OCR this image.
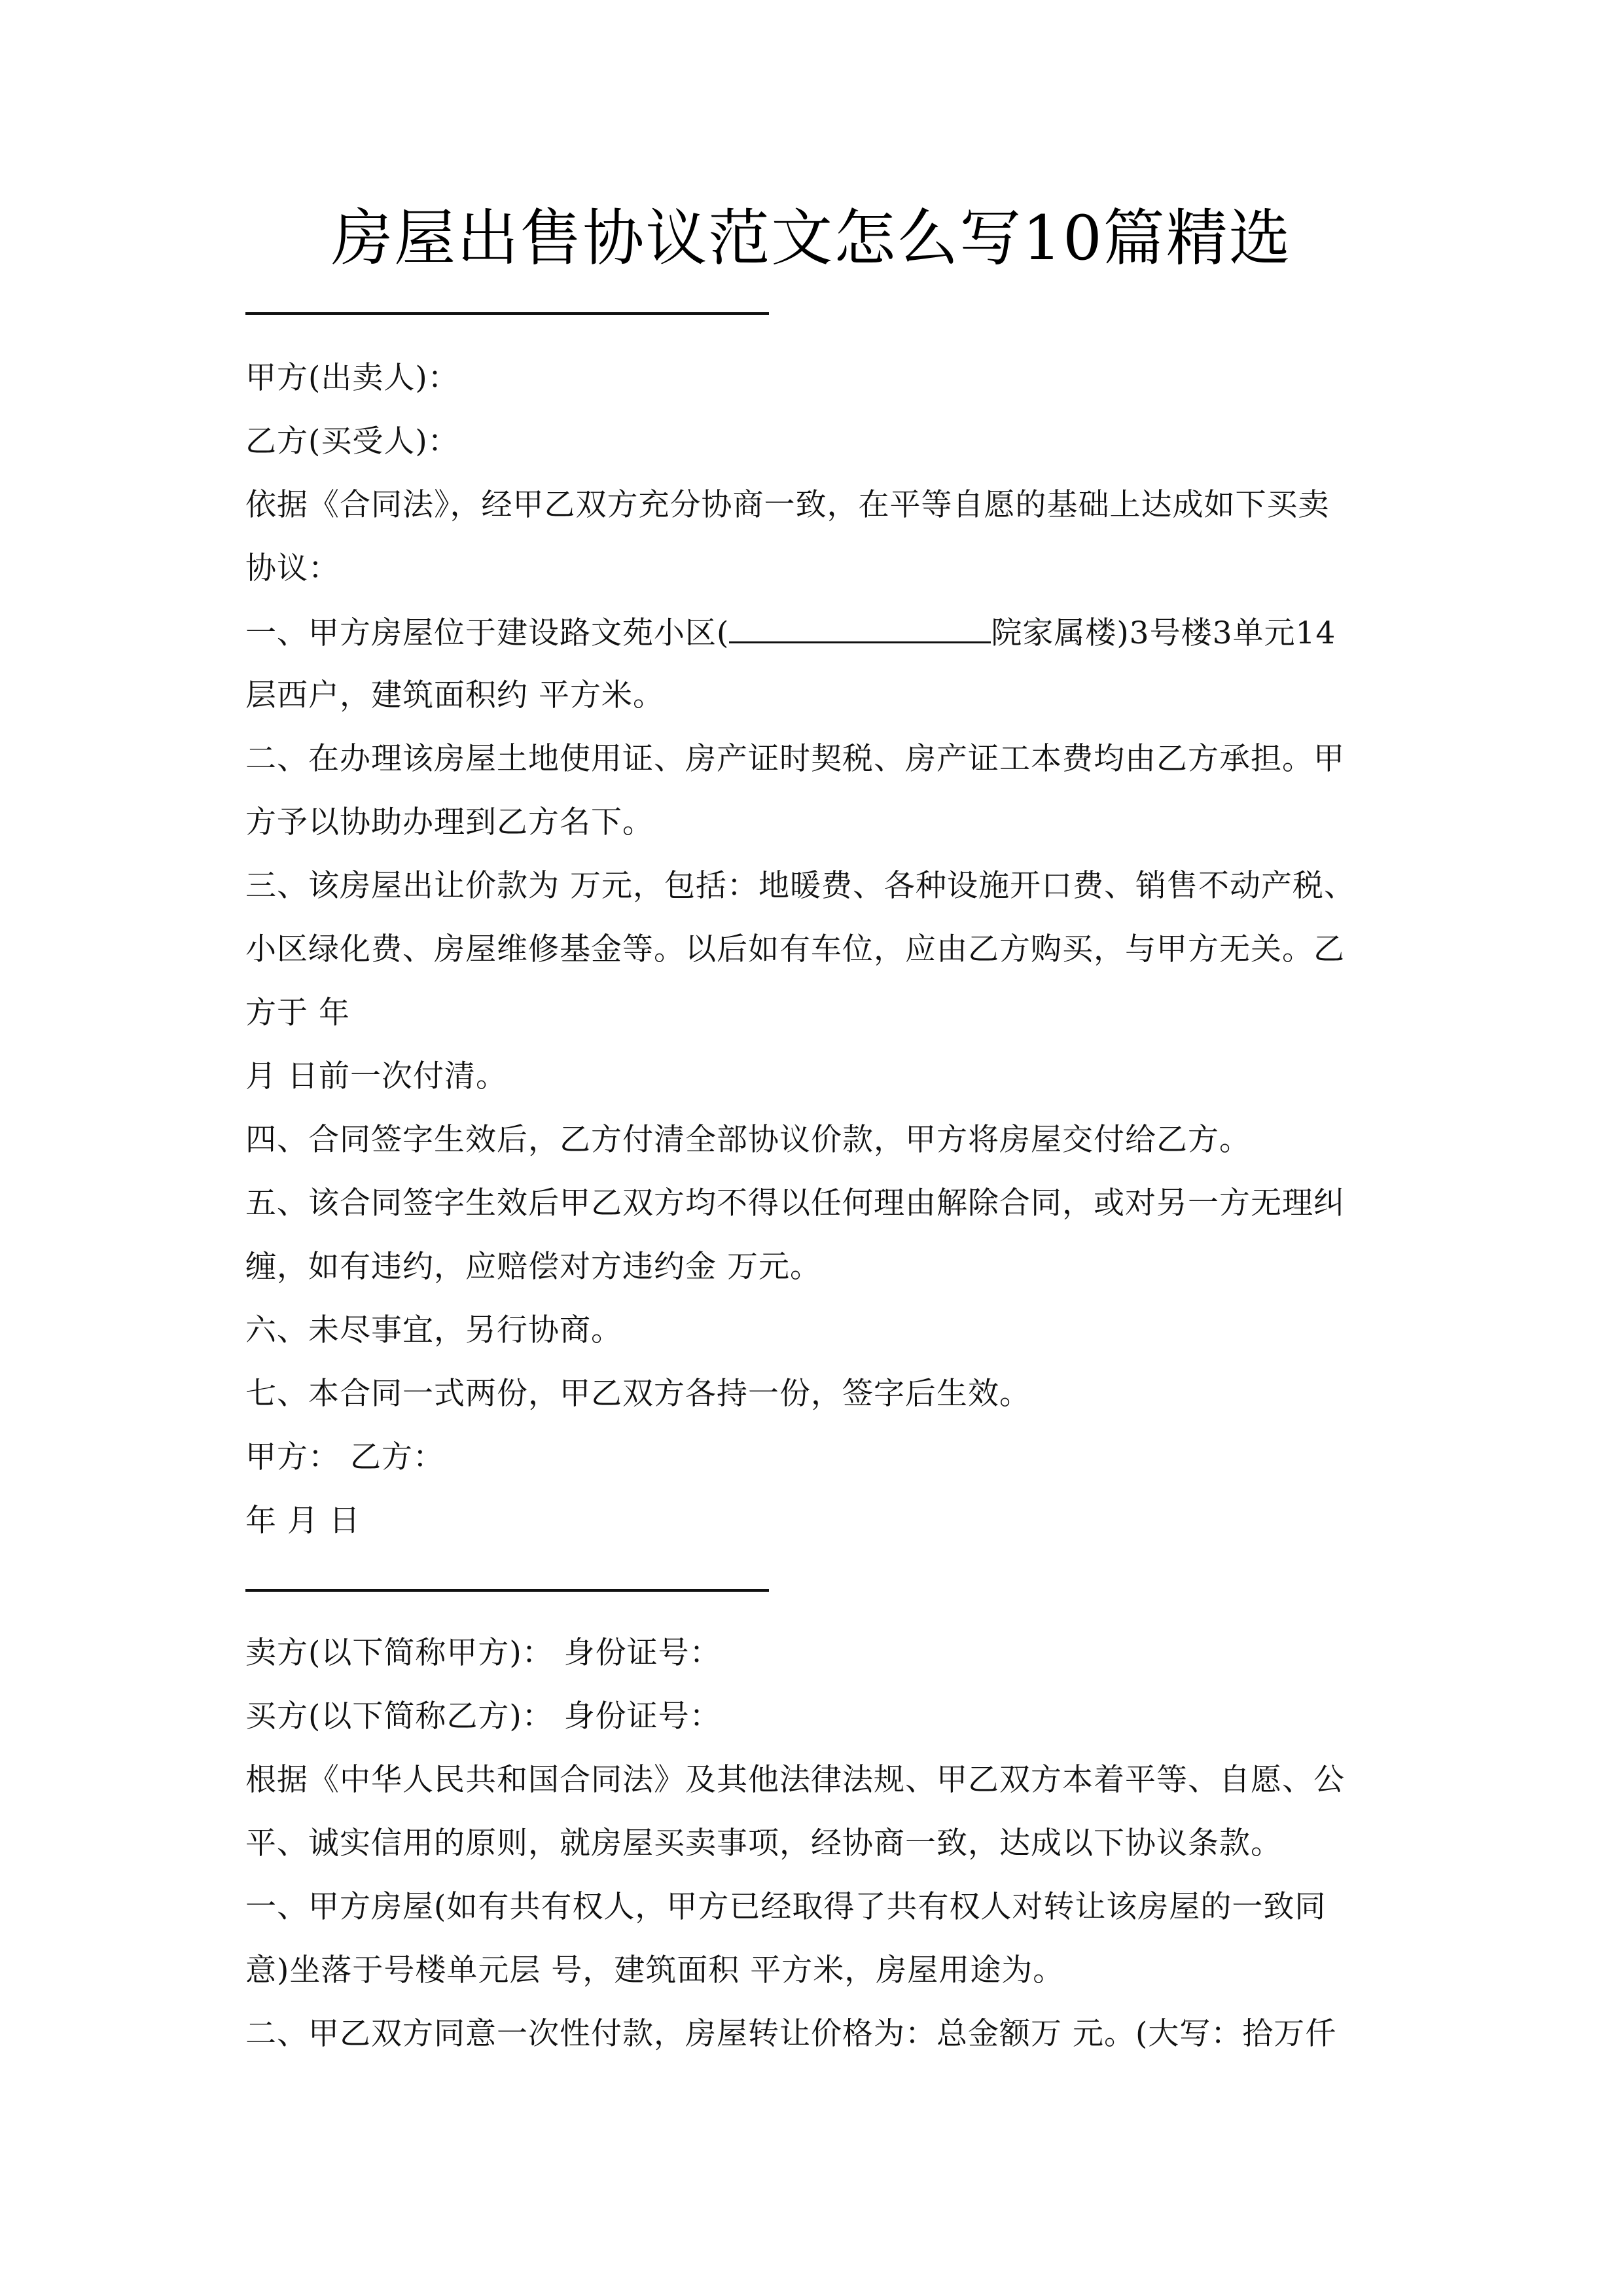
房屋出售协议范文怎么写10篇精选
甲方(出卖人)：
乙方(买受人)：
依据《合同法》，经甲乙双方充分协商一致，在平等自愿的基础上达成如下买卖
协议：
一、甲方房屋位于建设路文苑小区(	院家属楼)3号楼3单元14
层西户，建筑面积约 平方米。
二、在办理该房屋土地使用证、房产证时契税、房产证工本费均由乙方承担。甲
方予以协助办理到乙方名下。
三、该房屋出让价款为 万元，包括：地暖费、各种设施开口费、销售不动产税、
小区绿化费、房屋维修基金等。以后如有车位，应由乙方购买，与甲方无关。乙
方于 年
月 日前一次付清。
四、合同签字生效后，乙方付清全部协议价款，甲方将房屋交付给乙方。
五、该合同签字生效后甲乙双方均不得以任何理由解除合同，或对另一方无理纠
缠，如有违约，应赔偿对方违约金 万元。
六、未尽事宜，另行协商。
七、本合同一式两份，甲乙双方各持一份，签字后生效。
甲方： 乙方：
年 月 日
卖方(以下简称甲方)： 身份证号：
买方(以下简称乙方)： 身份证号：
根据《中华人民共和国合同法》及其他法律法规、甲乙双方本着平等、自愿、公
平、诚实信用的原则，就房屋买卖事项，经协商一致，达成以下协议条款。
一、甲方房屋(如有共有权人，甲方已经取得了共有权人对转让该房屋的一致同
意)坐落于号楼单元层 号，建筑面积 平方米，房屋用途为。
二、甲乙双方同意一次性付款，房屋转让价格为：总金额万 元。(大写：拾万仟
